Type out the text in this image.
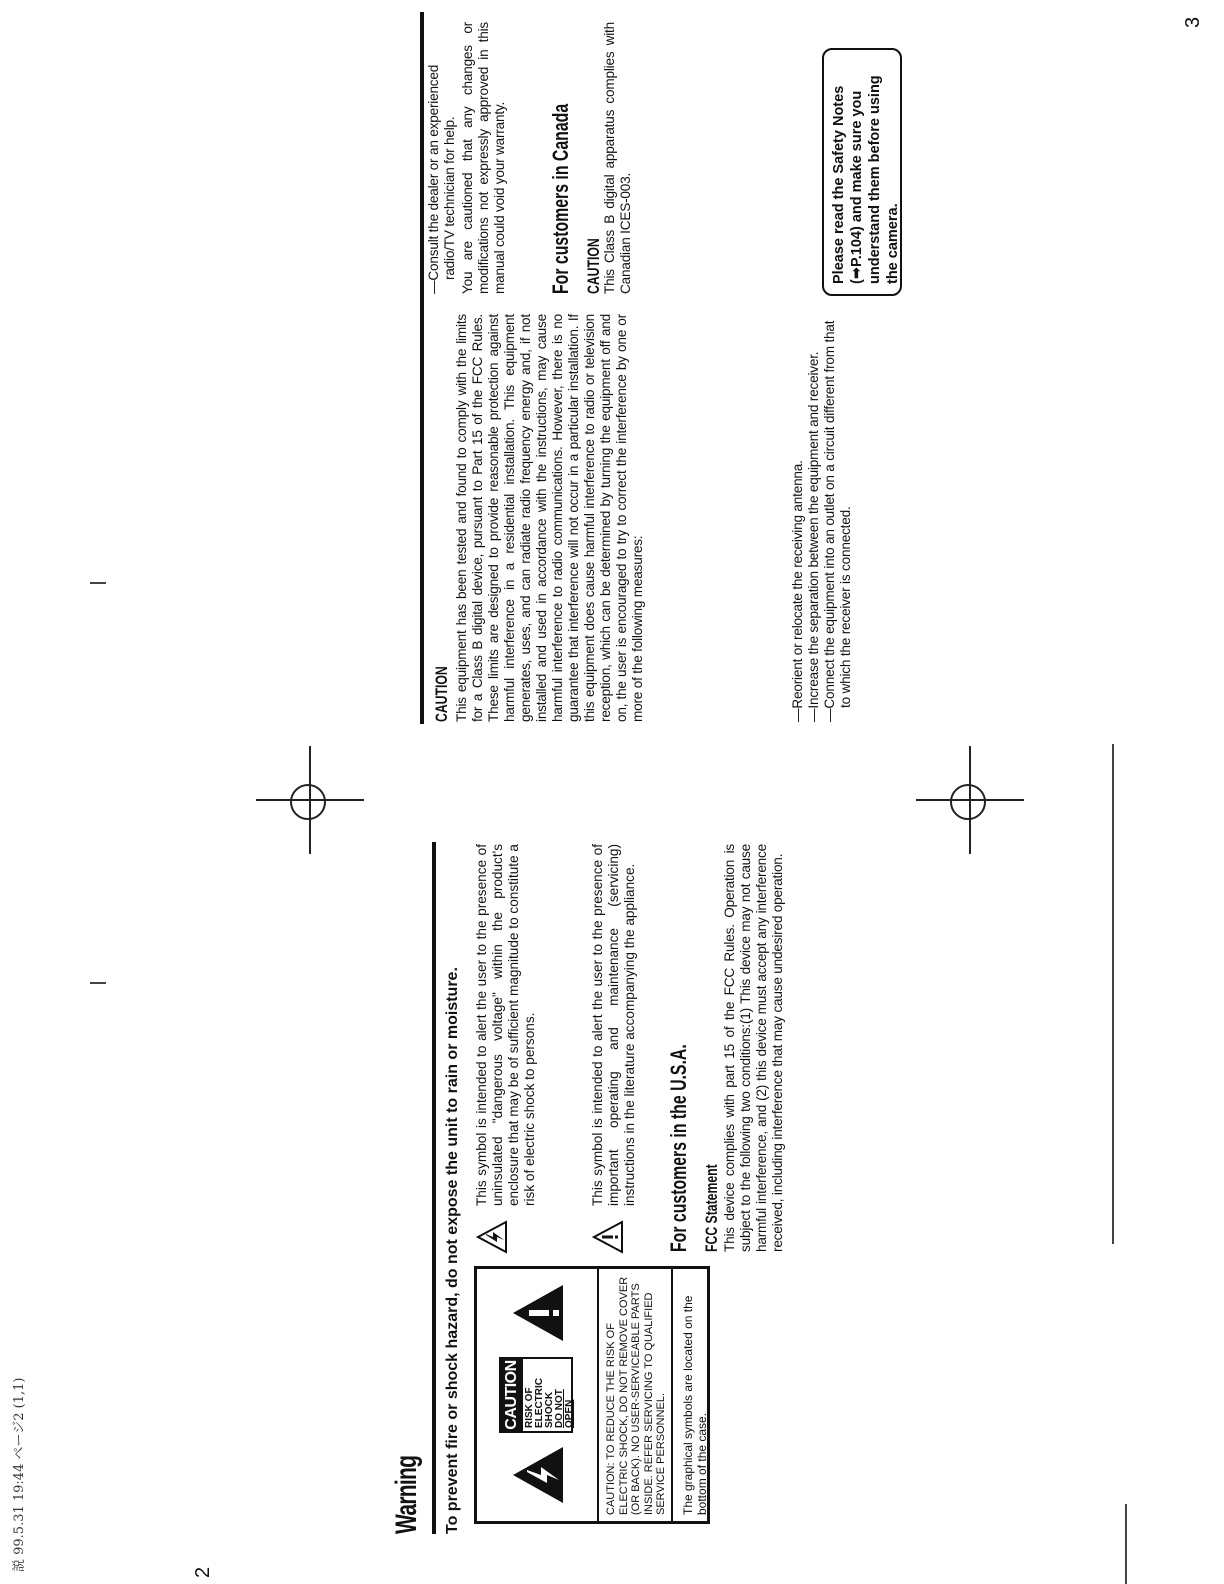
説 99.5.31 19:44 ページ2 (1,1)
2
Warning To prevent fire or shock hazard, do not expose the unit to rain or moisture.	CAUTION RISK OF ELECTRIC SHOCK DO NOT OPEN	CAUTION: TO REDUCE THE RISK OF ELECTRIC SHOCK, DO NOT REMOVE COVER (OR BACK). NO USER-SERVICEABLE PARTS INSIDE. REFER SERVICING TO QUALIFIED SERVICE PERSONNEL.	The graphical symbols are located on the bottom of the case.
This symbol is intended to alert the user to the presence of uninsulated "dangerous voltage" within the product's enclosure that may be of sufficient magnitude to constitute a risk of electric shock to persons.	This symbol is intended to alert the user to the presence of important operating and maintenance (servicing) instructions in the literature accompanying the appliance. For customers in the U.S.A. FCC Statement This device complies with part 15 of the FCC Rules. Operation is subject to the following two conditions:(1) This device may not cause harmful interference, and (2) this device must accept any interference received, including interference that may cause undesired operation.
CAUTION This equipment has been tested and found to comply with the limits for a Class B digital device, pursuant to Part 15 of the FCC Rules. These limits are designed to provide reasonable protection against harmful interference in a residential installation. This equipment generates, uses, and can radiate radio frequency energy and, if not installed and used in accordance with the instructions, may cause harmful interference to radio communications. However, there is no guarantee that interference will not occur in a particular installation. If this equipment does cause harmful interference to radio or television reception, which can be determined by turning the equipment off and on, the user is encouraged to try to correct the interference by one or more of the following measures:	—Reorient or relocate the receiving antenna. —Increase the separation between the equipment and receiver. —Connect the equipment into an outlet on a circuit different from that to which the receiver is connected.
—Consult the dealer or an experienced radio/TV technician for help. You are cautioned that any changes or modifications not expressly approved in this manual could void your warranty. For customers in Canada CAUTION This Class B digital apparatus complies with Canadian ICES-003.	Please read the Safety Notes (➡P.104) and make sure you understand them before using the camera.
3
